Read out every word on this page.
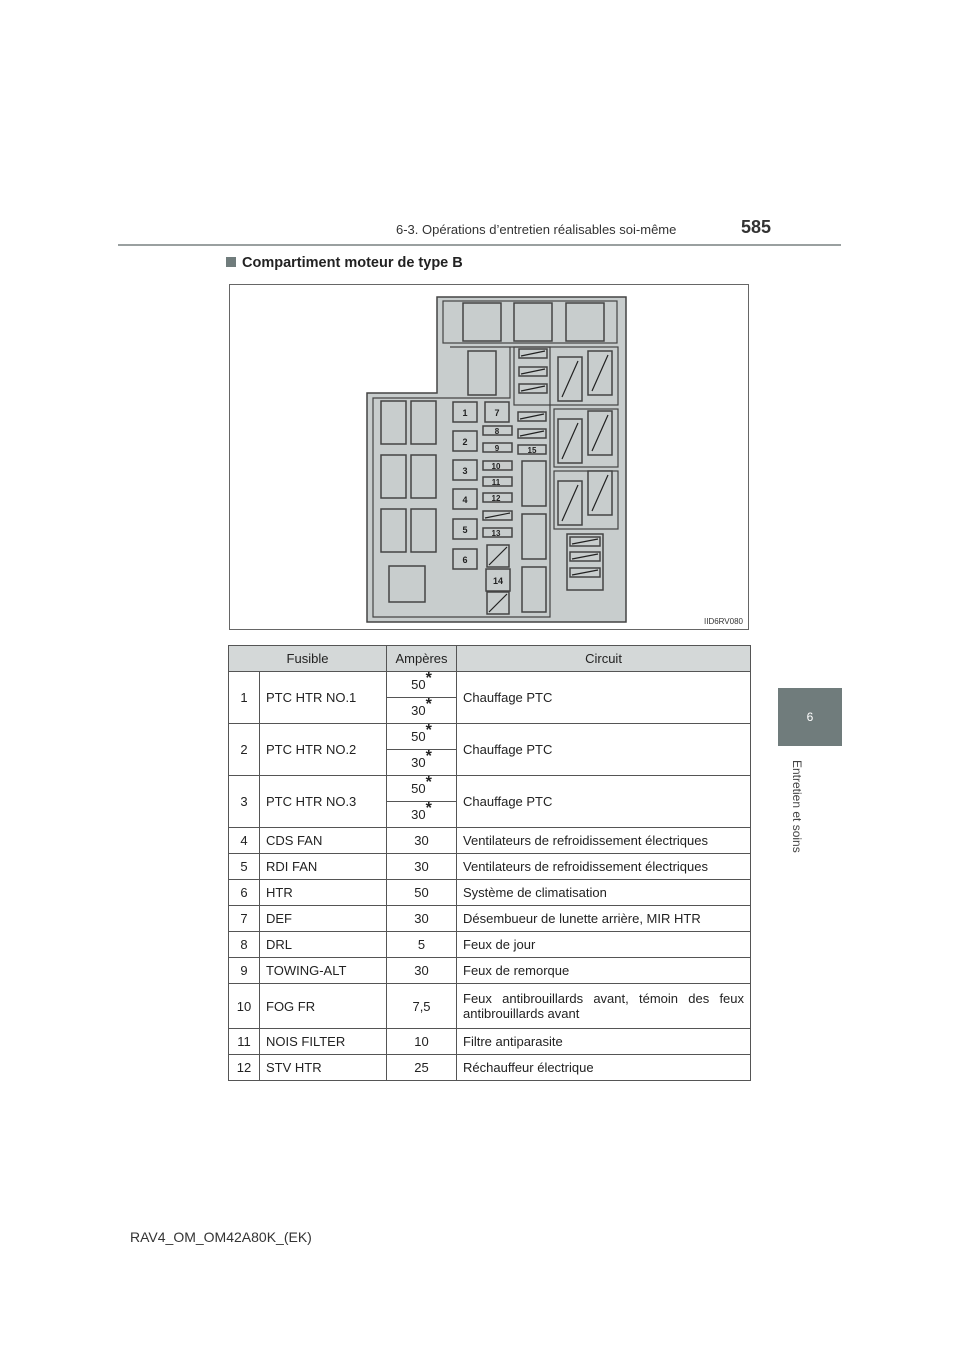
6-3. Opérations d’entretien réalisables soi-même	585
6
Entretien et soins
Compartiment moteur de type B
1
2
3
4
5
6
7
8
9
10
11
12
13
14
15
IID6RV080
Fusible		Ampères	Circuit
1	PTC HTR NO.1	50*	Chauffage PTC
		30*	
2	PTC HTR NO.2	50*	Chauffage PTC
		30*	
3	PTC HTR NO.3	50*	Chauffage PTC
		30*	
4	CDS FAN	30	Ventilateurs de refroidissement électriques
5	RDI FAN	30	Ventilateurs de refroidissement électriques
6	HTR	50	Système de climatisation
7	DEF	30	Désembueur de lunette arrière, MIR HTR
8	DRL	5	Feux de jour
9	TOWING-ALT	30	Feux de remorque
10	FOG FR	7,5	Feux antibrouillards avant, témoin des feux antibrouillards avant
11	NOIS FILTER	10	Filtre antiparasite
12	STV HTR	25	Réchauffeur électrique
RAV4_OM_OM42A80K_(EK)
